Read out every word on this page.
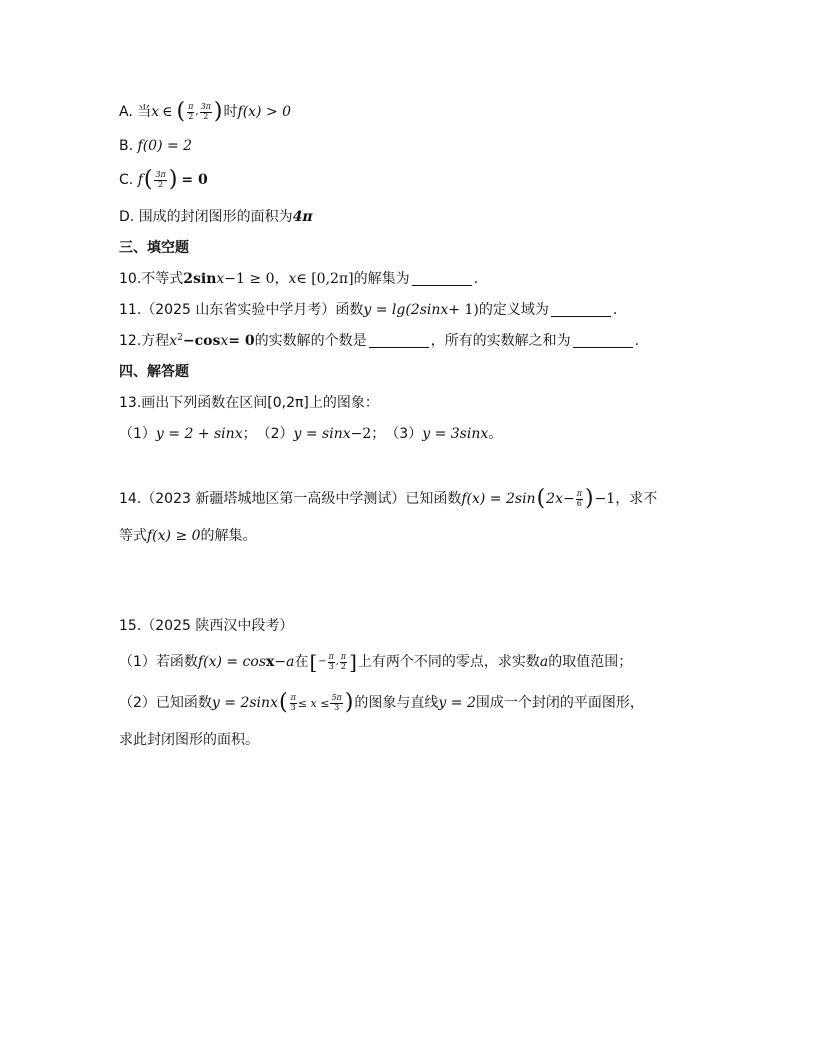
A.
当 x ∈ ( $\frac{\pi}{2}$ , $\frac{3\pi}{2}$ ) 时 f(x) > 0
B.
f(0) = 2
C.
f ( $\frac{3\pi}{2}$ ) = 0
D.
围成的封闭图形的面积为 4π
三、填空题
10. 不等式 2sin x −1 ≥ 0， x ∈ [0,2π] 的解集为	.
11. （2025 山东省实验中学月考） 函数 y = lg(2sin x + 1) 的定义域为	.
12. 方程 x 2 −cos x = 0 的实数解的个数是	，所有的实数解之和为	.
四、解答题
13. 画出下列函数在区间[0,2π]上的图象：
（1） y = 2 + sin x ； （2） y = sin x −2 ； （3） y = 3sin x 。
14. （2023 新疆塔城地区第一高级中学测试） 已知函数 f(x) = 2sin ( $2x- \frac{\pi}{6}$ ) −1， 求不
等式 f(x) ≥ 0 的解集。
15. （2025 陕西汉中段考）
（1） 若函数 f(x) = cos x −a 在 [ − $\frac{\pi}{3}$ , $\frac{\pi}{2}$ ] 上有两个不同的零点，求实数 a 的取值范围；
（2） 已知函数 y = 2sin x ( $\frac{\pi}{3} \le x \le \frac{5\pi}{3}$ ) 的图象与直线 y = 2 围成一个封闭的平面图形，
求此封闭图形的面积。
